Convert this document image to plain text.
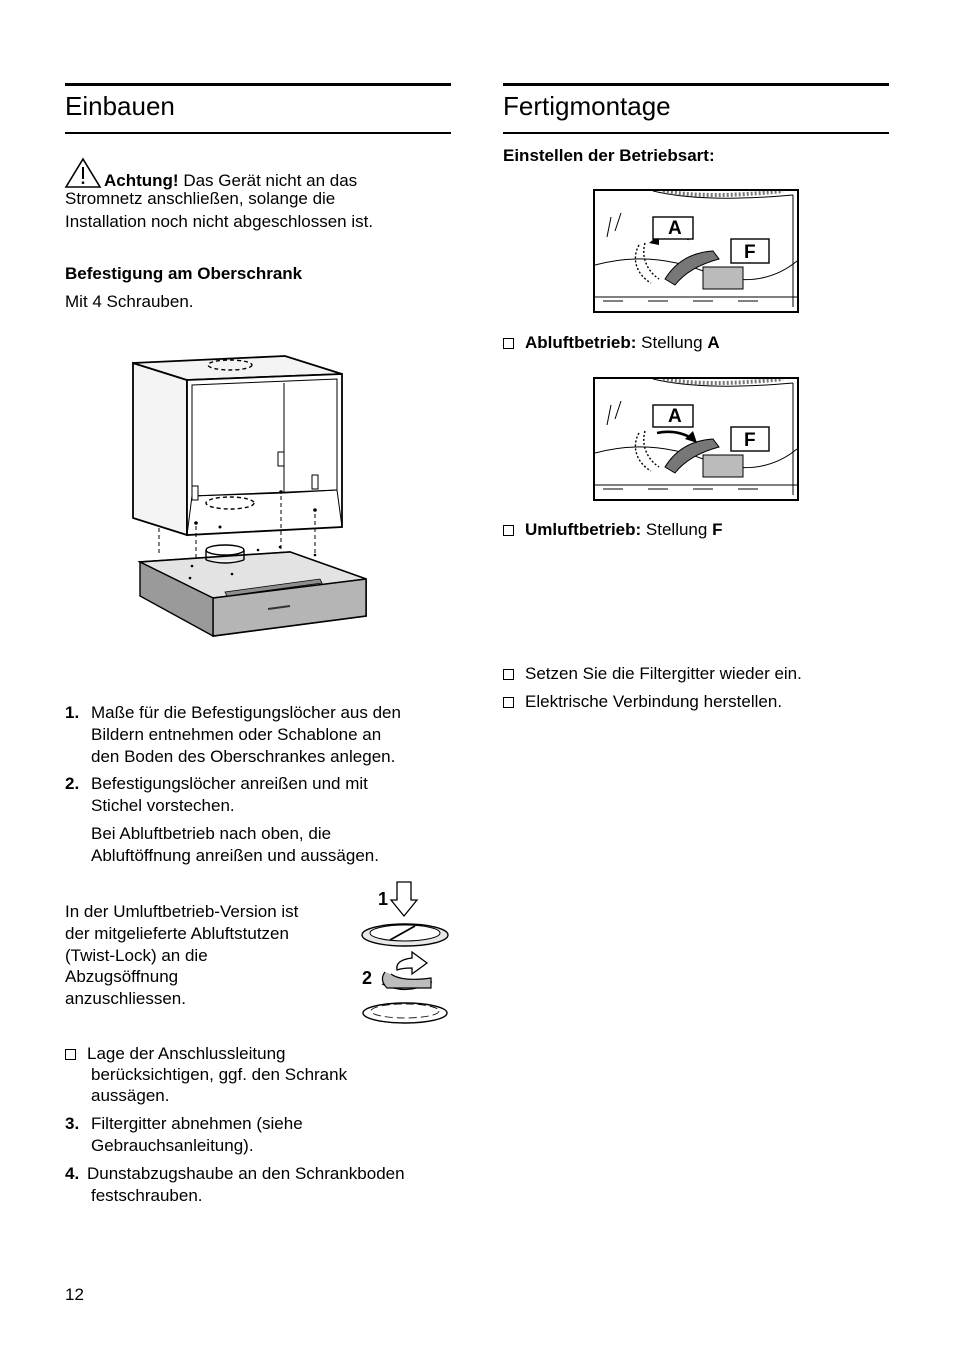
Einbauen
Achtung! Das Gerät nicht an das
Stromnetz anschließen, solange die
Installation noch nicht abgeschlossen ist.
Befestigung am Oberschrank
Mit 4 Schrauben.
1. Maße für die Befestigungslöcher aus den
Bildern entnehmen oder Schablone an
den Boden des Oberschrankes anlegen.
2. Befestigungslöcher anreißen und mit
Stichel vorstechen.
Bei Abluftbetrieb nach oben, die
Abluftöffnung anreißen und aussägen.
In der Umluftbetrieb-Version ist
der mitgelieferte Abluftstutzen
(Twist-Lock) an die
Abzugsöffnung
anzuschliessen.
1
2
Lage der Anschlussleitung
berücksichtigen, ggf. den Schrank
aussägen.
3. Filtergitter abnehmen (siehe
Gebrauchsanleitung).
4. Dunstabzugshaube an den Schrankboden
festschrauben.
12
Fertigmontage
Einstellen der Betriebsart:
A
F
Abluftbetrieb: Stellung A
A
F
Umluftbetrieb: Stellung F
Setzen Sie die Filtergitter wieder ein.
Elektrische Verbindung herstellen.
